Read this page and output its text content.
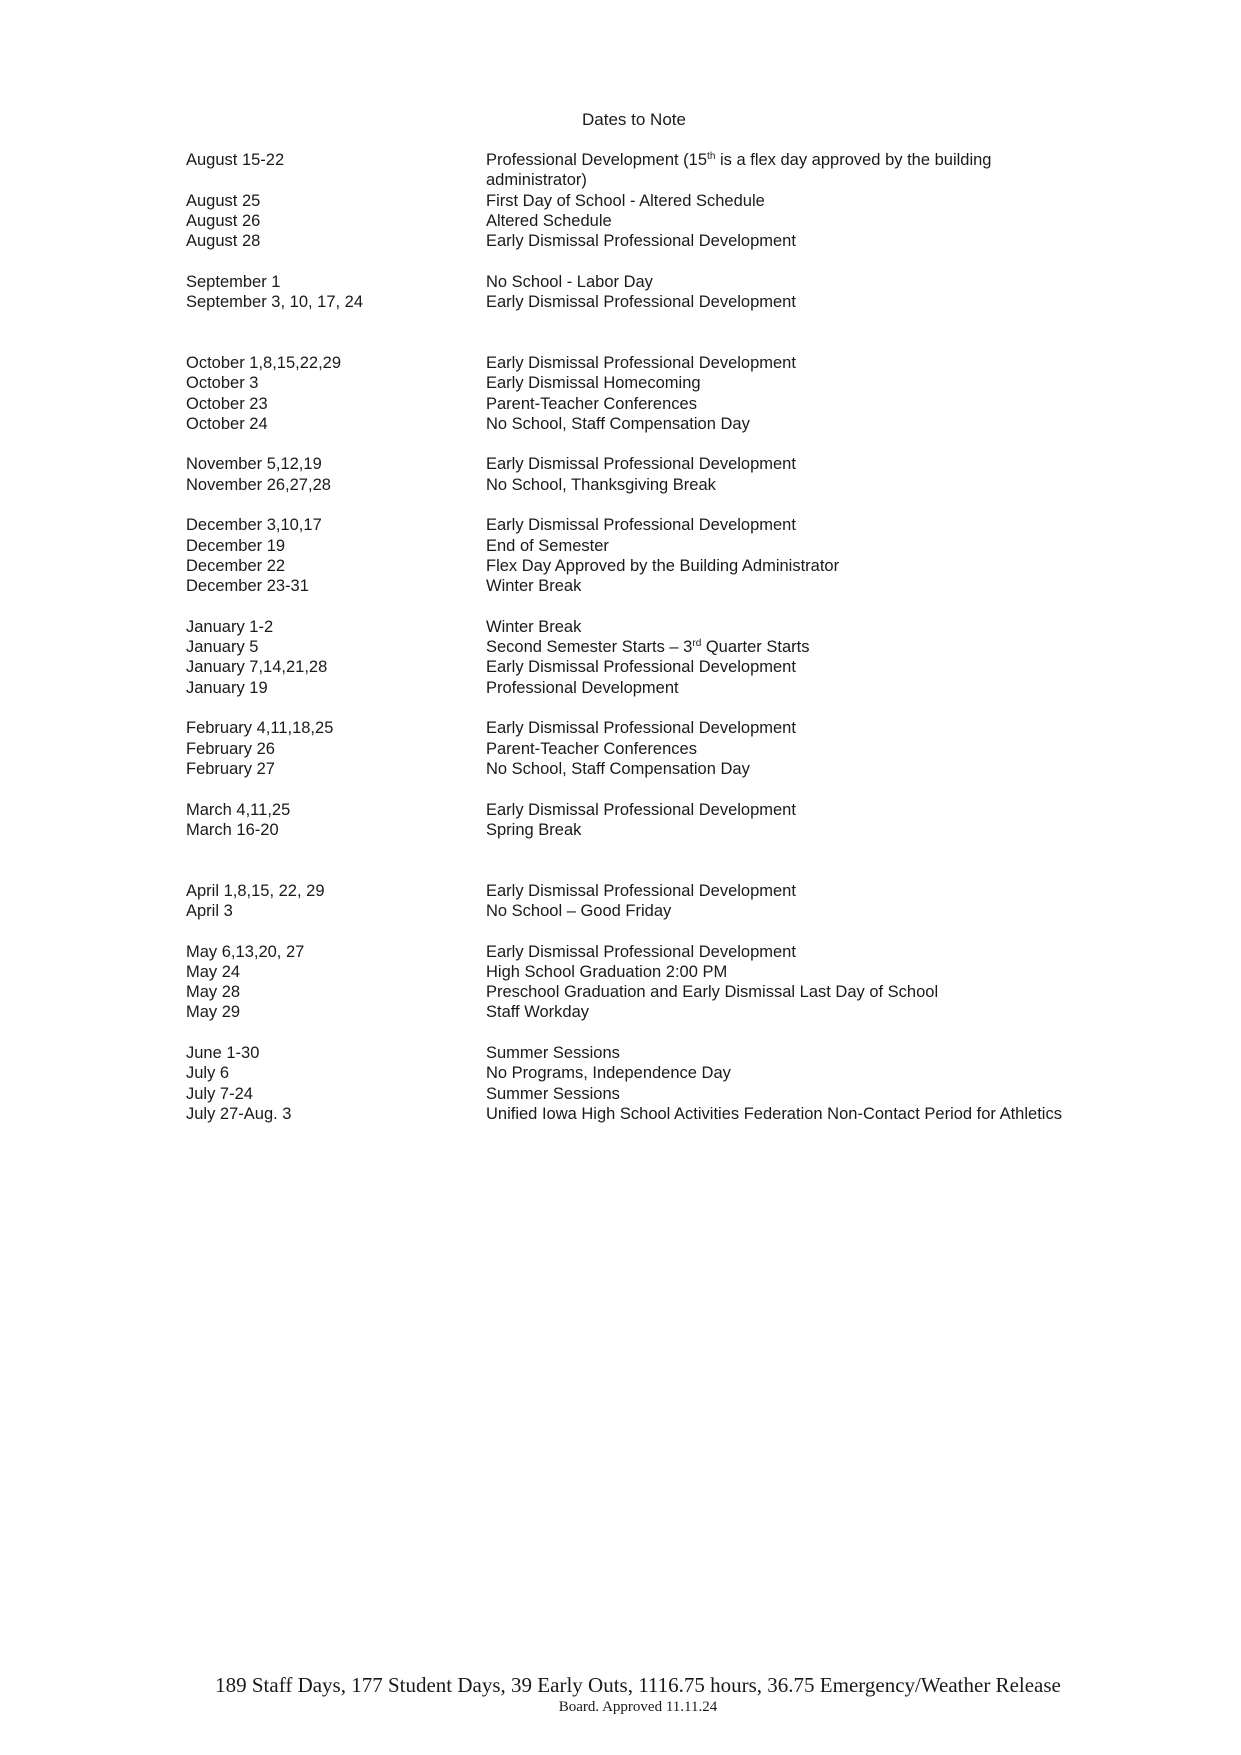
Dates to Note
August 15-22	Professional Development (15th is a flex day approved by the building administrator)
August 25	First Day of School - Altered Schedule
August 26	Altered Schedule
August 28	Early Dismissal Professional Development
September 1	No School - Labor Day
September 3, 10, 17, 24	Early Dismissal Professional Development
October 1,8,15,22,29	Early Dismissal Professional Development
October 3	Early Dismissal Homecoming
October 23	Parent-Teacher Conferences
October 24	No School, Staff Compensation Day
November 5,12,19	Early Dismissal Professional Development
November 26,27,28	No School, Thanksgiving Break
December 3,10,17	Early Dismissal Professional Development
December 19	End of Semester
December 22	Flex Day Approved by the Building Administrator
December 23-31	Winter Break
January 1-2	Winter Break
January 5	Second Semester Starts – 3rd Quarter Starts
January 7,14,21,28	Early Dismissal Professional Development
January 19	Professional Development
February 4,11,18,25	Early Dismissal Professional Development
February 26	Parent-Teacher Conferences
February 27	No School, Staff Compensation Day
March 4,11,25	Early Dismissal Professional Development
March 16-20	Spring Break
April 1,8,15, 22, 29	Early Dismissal Professional Development
April 3	No School – Good Friday
May 6,13,20, 27	Early Dismissal Professional Development
May 24	High School Graduation 2:00 PM
May 28	Preschool Graduation and Early Dismissal Last Day of School
May 29	Staff Workday
June 1-30	Summer Sessions
July 6	No Programs, Independence Day
July 7-24	Summer Sessions
July 27-Aug. 3	Unified Iowa High School Activities Federation Non-Contact Period for Athletics
189 Staff Days, 177 Student Days, 39 Early Outs, 1116.75 hours, 36.75 Emergency/Weather Release
Board. Approved 11.11.24
